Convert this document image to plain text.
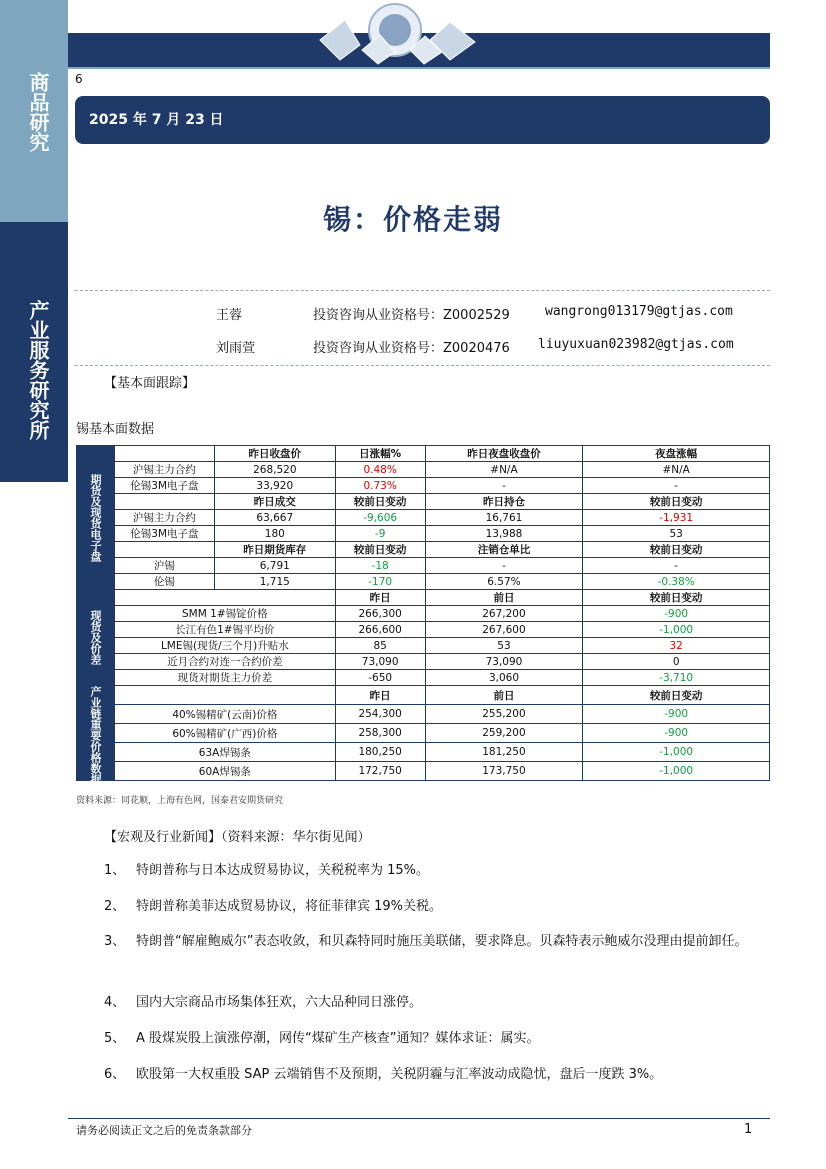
商品研究
产业服务研究所
6
2025 年 7 月 23 日
锡：价格走弱
王蓉	投资咨询从业资格号：Z0002529	wangrong013179@gtjas.com
刘雨萱	投资咨询从业资格号：Z0020476 liuyuxuan023982@gtjas.com
【基本面跟踪】
锡基本面数据
期货及现货电子盘		昨日收盘价	日涨幅%	昨日夜盘收盘价	夜盘涨幅
	沪锡主力合约	268,520	0.48%	#N/A	#N/A
	伦锡3M电子盘	33,920	0.73%	-	-
		昨日成交	较前日变动	昨日持仓	较前日变动
	沪锡主力合约	63,667	-9,606	16,761	-1,931
	伦锡3M电子盘	180	-9	13,988	53
		昨日期货库存	较前日变动	注销仓单比	较前日变动
	沪锡	6,791	-18	-	-
	伦锡	1,715	-170	6.57%	-0.38%
现货及价差			昨日	前日	较前日变动
	SMM 1#锡锭价格		266,300	267,200	-900
	长江有色1#锡平均价		266,600	267,600	-1,000
	LME锡(现货/三个月)升贴水		85	53	32
	近月合约对连一合约价差		73,090	73,090	0
	现货对期货主力价差		-650	3,060	-3,710
产业链重要价格数据			昨日	前日	较前日变动
	40%锡精矿(云南)价格		254,300	255,200	-900
	60%锡精矿(广西)价格		258,300	259,200	-900
	63A焊锡条		180,250	181,250	-1,000
	60A焊锡条		172,750	173,750	-1,000
资料来源：同花顺，上海有色网，国泰君安期货研究
【宏观及行业新闻】（资料来源：华尔街见闻）
1、 特朗普称与日本达成贸易协议，关税税率为 15%。
2、 特朗普称美菲达成贸易协议，将征菲律宾 19%关税。
3、 特朗普“解雇鲍威尔”表态收敛，和贝森特同时施压美联储，要求降息。贝森特表示鲍威尔没理由提前卸任。
4、 国内大宗商品市场集体狂欢，六大品种同日涨停。
5、 A 股煤炭股上演涨停潮，网传“煤矿生产核查”通知？媒体求证：属实。
6、 欧股第一大权重股 SAP 云端销售不及预期，关税阴霾与汇率波动成隐忧，盘后一度跌 3%。
请务必阅读正文之后的免责条款部分	1
